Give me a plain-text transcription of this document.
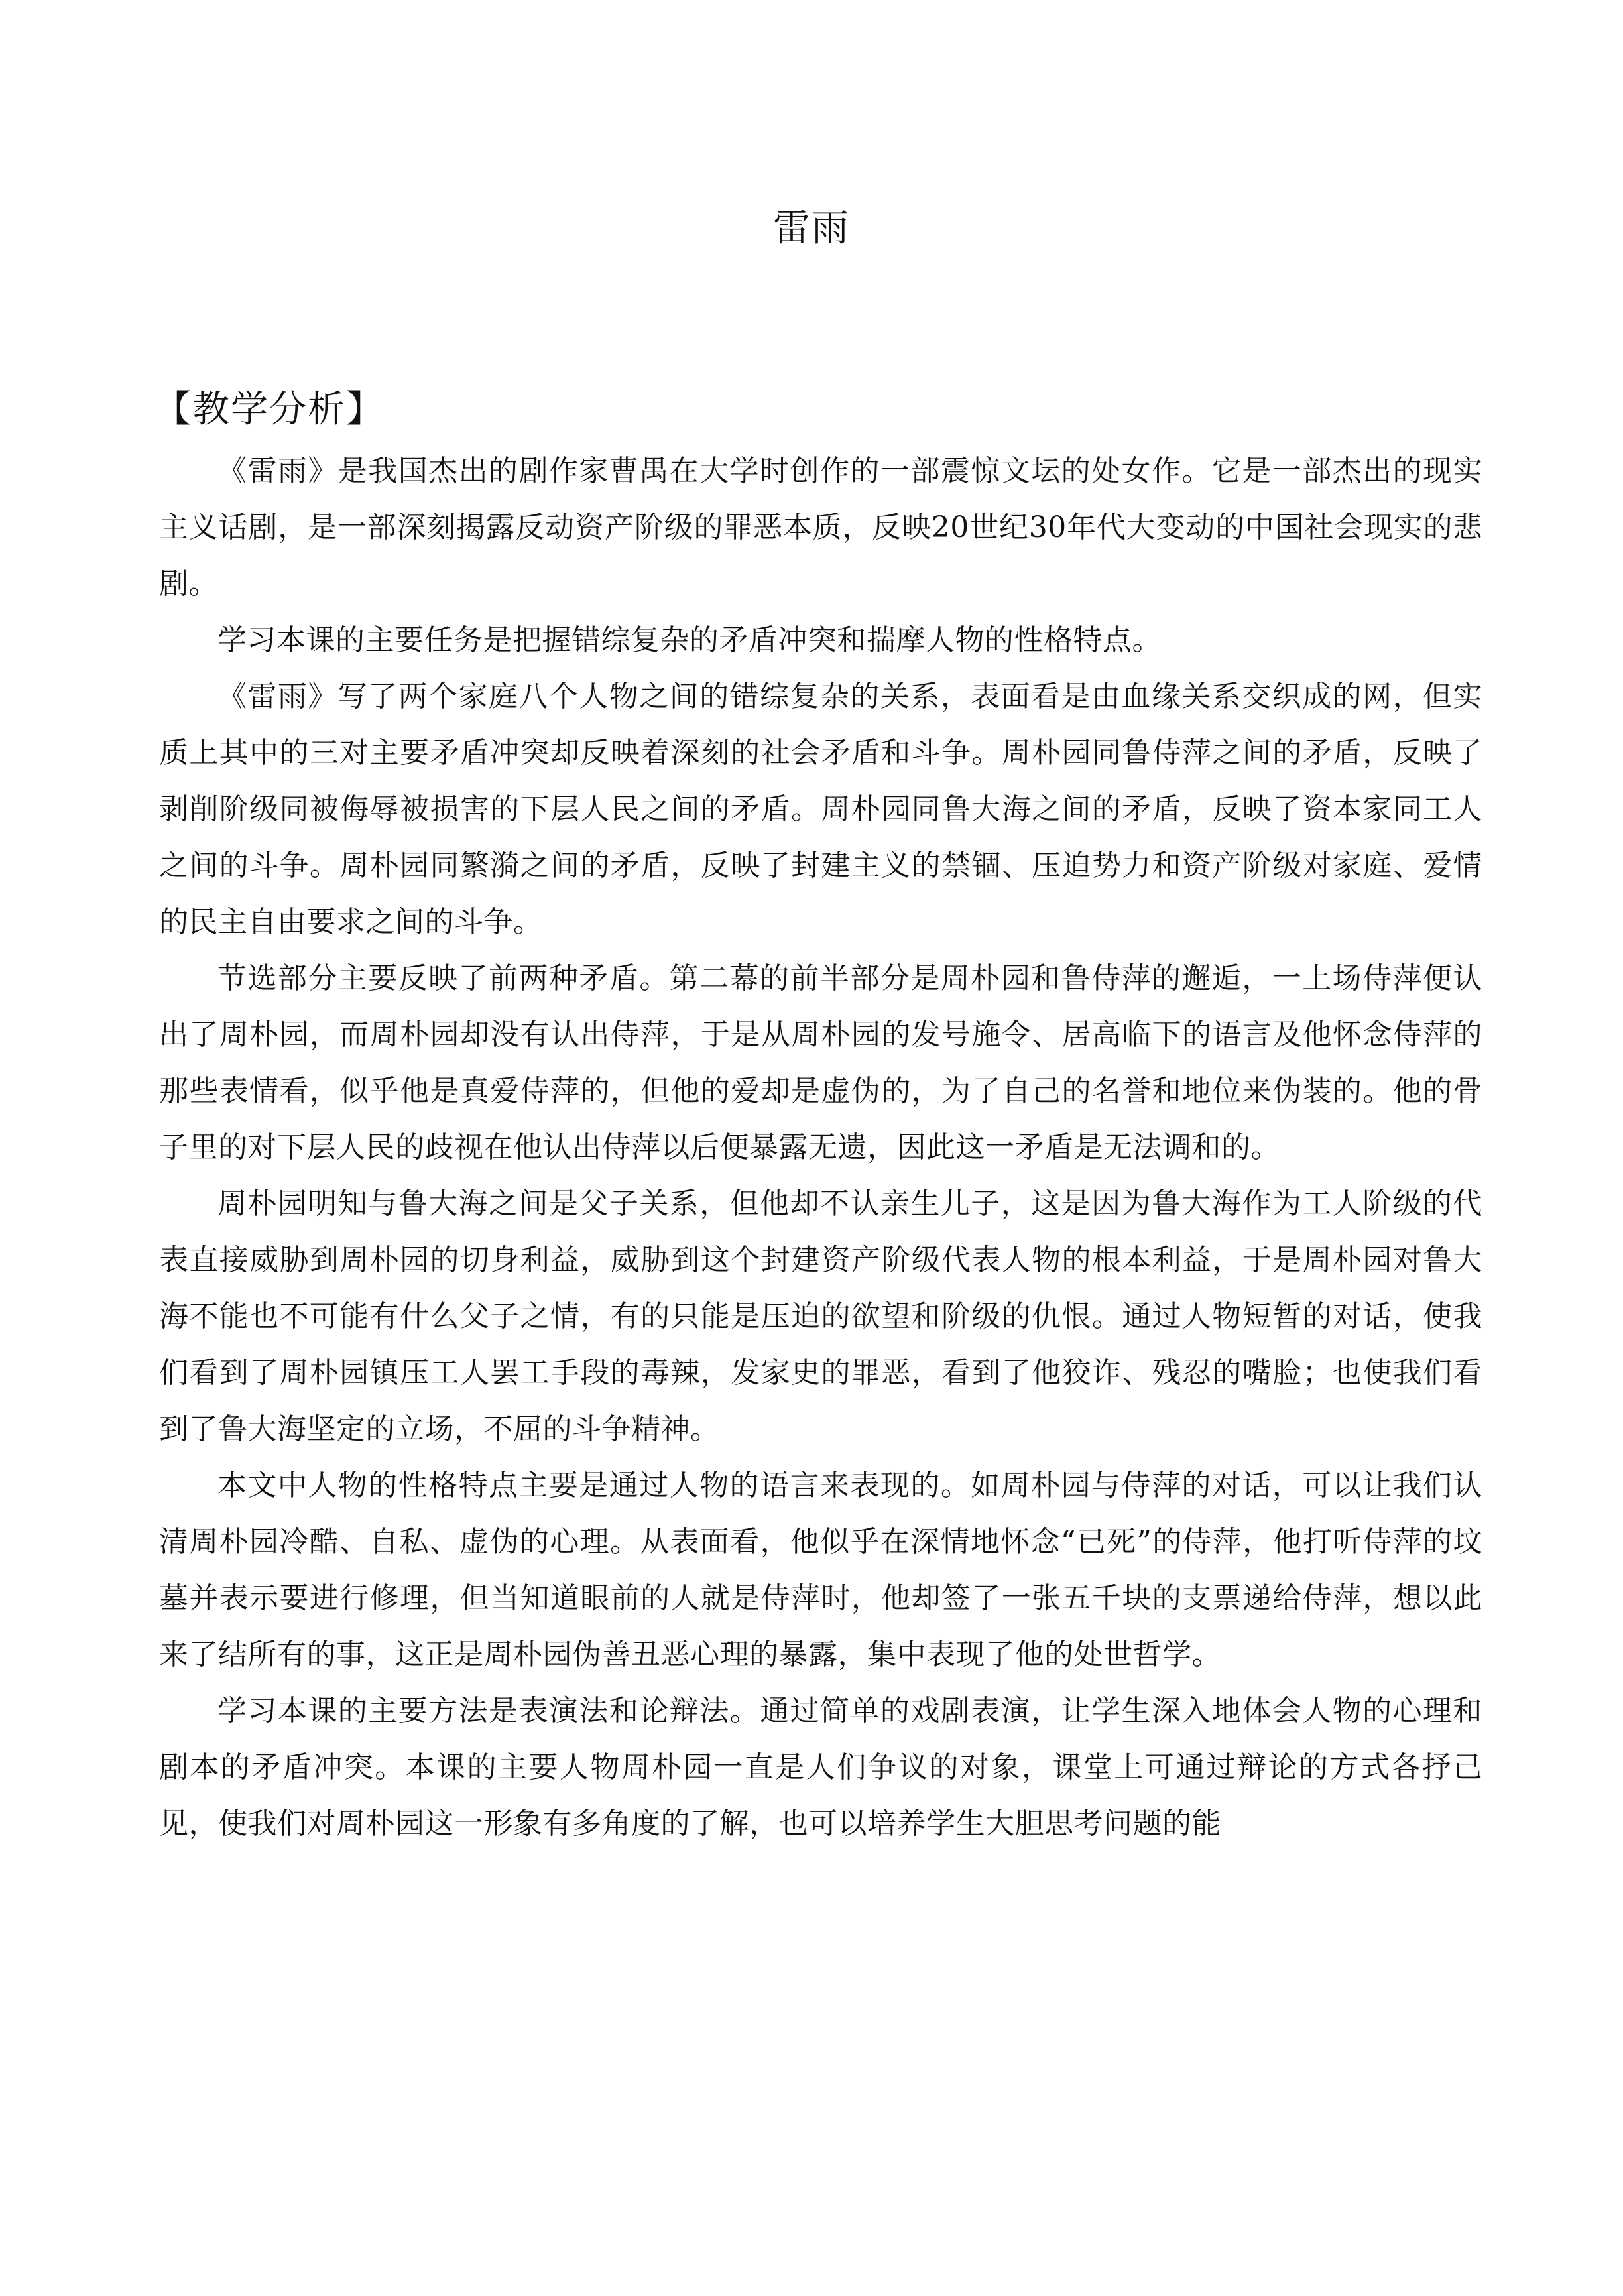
雷雨
【教学分析】

《雷雨》是我国杰出的剧作家曹禺在大学时创作的一部震惊文坛的处女作。它是一部杰出的现实主义话剧，是一部深刻揭露反动资产阶级的罪恶本质，反映20世纪30年代大变动的中国社会现实的悲剧。

学习本课的主要任务是把握错综复杂的矛盾冲突和揣摩人物的性格特点。

《雷雨》写了两个家庭八个人物之间的错综复杂的关系，表面看是由血缘关系交织成的网，但实质上其中的三对主要矛盾冲突却反映着深刻的社会矛盾和斗争。周朴园同鲁侍萍之间的矛盾，反映了剥削阶级同被侮辱被损害的下层人民之间的矛盾。周朴园同鲁大海之间的矛盾，反映了资本家同工人之间的斗争。周朴园同繁漪之间的矛盾，反映了封建主义的禁锢、压迫势力和资产阶级对家庭、爱情的民主自由要求之间的斗争。

节选部分主要反映了前两种矛盾。第二幕的前半部分是周朴园和鲁侍萍的邂逅，一上场侍萍便认出了周朴园，而周朴园却没有认出侍萍，于是从周朴园的发号施令、居高临下的语言及他怀念侍萍的那些表情看，似乎他是真爱侍萍的，但他的爱却是虚伪的，为了自己的名誉和地位来伪装的。他的骨子里的对下层人民的歧视在他认出侍萍以后便暴露无遗，因此这一矛盾是无法调和的。

周朴园明知与鲁大海之间是父子关系，但他却不认亲生儿子，这是因为鲁大海作为工人阶级的代表直接威胁到周朴园的切身利益，威胁到这个封建资产阶级代表人物的根本利益，于是周朴园对鲁大海不能也不可能有什么父子之情，有的只能是压迫的欲望和阶级的仇恨。通过人物短暂的对话，使我们看到了周朴园镇压工人罢工手段的毒辣，发家史的罪恶，看到了他狡诈、残忍的嘴脸；也使我们看到了鲁大海坚定的立场，不屈的斗争精神。

本文中人物的性格特点主要是通过人物的语言来表现的。如周朴园与侍萍的对话，可以让我们认清周朴园冷酷、自私、虚伪的心理。从表面看，他似乎在深情地怀念“已死”的侍萍，他打听侍萍的坟墓并表示要进行修理，但当知道眼前的人就是侍萍时，他却签了一张五千块的支票递给侍萍，想以此来了结所有的事，这正是周朴园伪善丑恶心理的暴露，集中表现了他的处世哲学。

学习本课的主要方法是表演法和论辩法。通过简单的戏剧表演，让学生深入地体会人物的心理和剧本的矛盾冲突。本课的主要人物周朴园一直是人们争议的对象，课堂上可通过辩论的方式各抒己见，使我们对周朴园这一形象有多角度的了解，也可以培养学生大胆思考问题的能
